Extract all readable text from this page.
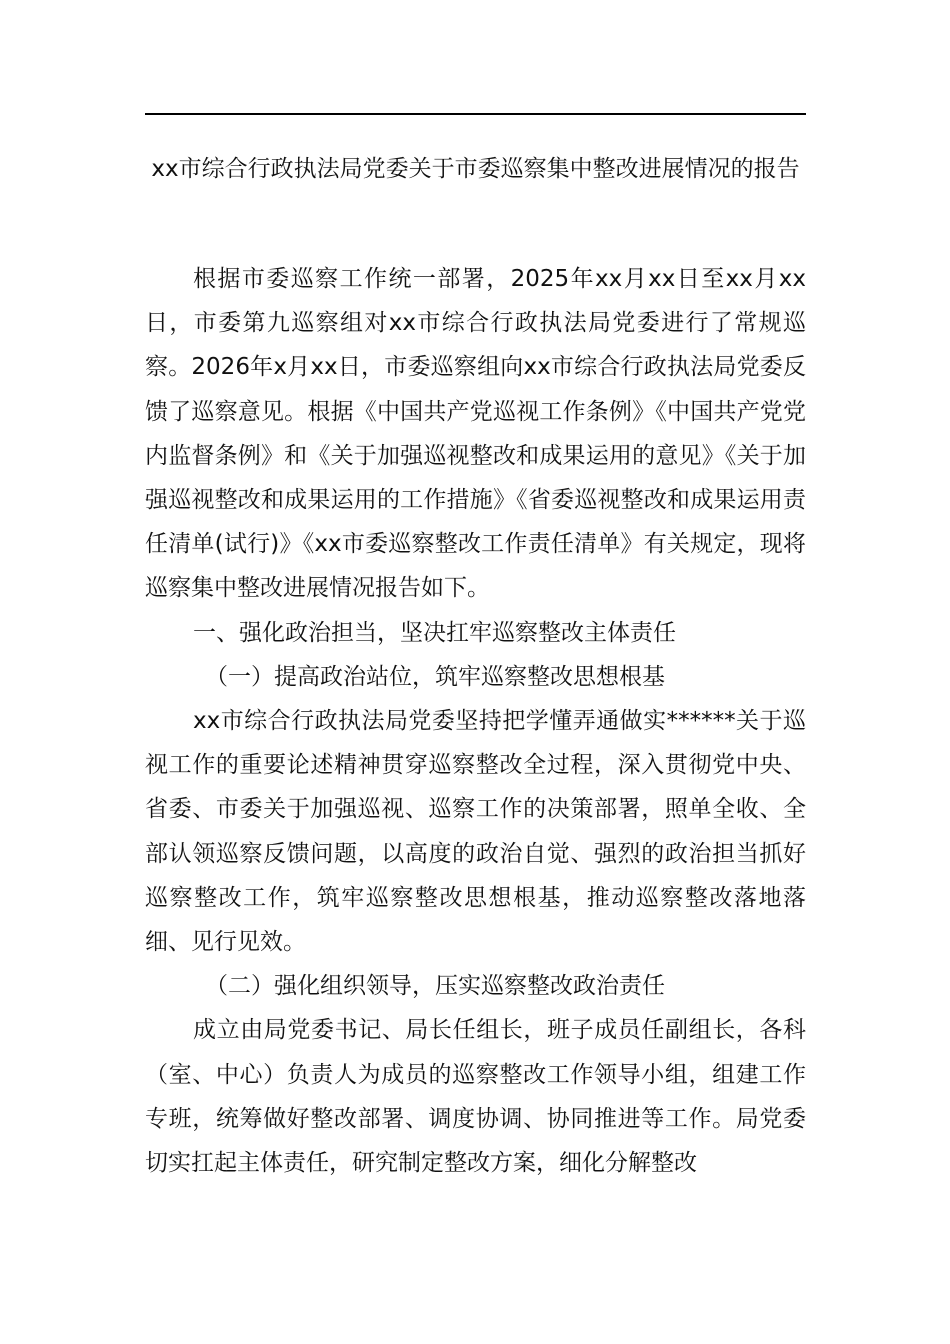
xx市综合行政执法局党委关于市委巡察集中整改进展情况的报告

根据市委巡察工作统一部署，2025年xx月xx日至xx月xx日，市委第九巡察组对xx市综合行政执法局党委进行了常规巡察。2026年x月xx日，市委巡察组向xx市综合行政执法局党委反馈了巡察意见。根据《中国共产党巡视工作条例》《中国共产党党内监督条例》和《关于加强巡视整改和成果运用的意见》《关于加强巡视整改和成果运用的工作措施》《省委巡视整改和成果运用责任清单(试行)》《xx市委巡察整改工作责任清单》有关规定，现将巡察集中整改进展情况报告如下。

一、强化政治担当，坚决扛牢巡察整改主体责任

（一）提高政治站位，筑牢巡察整改思想根基

xx市综合行政执法局党委坚持把学懂弄通做实******关于巡视工作的重要论述精神贯穿巡察整改全过程，深入贯彻党中央、省委、市委关于加强巡视、巡察工作的决策部署，照单全收、全部认领巡察反馈问题，以高度的政治自觉、强烈的政治担当抓好巡察整改工作，筑牢巡察整改思想根基，推动巡察整改落地落细、见行见效。

（二）强化组织领导，压实巡察整改政治责任

成立由局党委书记、局长任组长，班子成员任副组长，各科（室、中心）负责人为成员的巡察整改工作领导小组，组建工作专班，统筹做好整改部署、调度协调、协同推进等工作。局党委切实扛起主体责任，研究制定整改方案，细化分解整改
